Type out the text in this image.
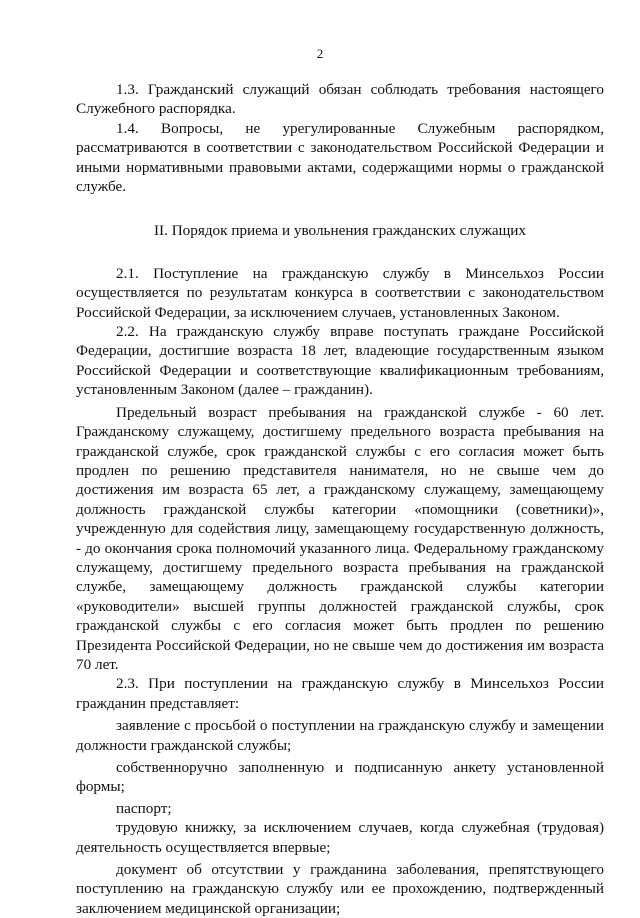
2

1.3. Гражданский служащий обязан соблюдать требования настоящего Служебного распорядка.

1.4. Вопросы, не урегулированные Служебным распорядком, рассматриваются в соответствии с законодательством Российской Федерации и иными нормативными правовыми актами, содержащими нормы о гражданской службе.

II. Порядок приема и увольнения гражданских служащих

2.1. Поступление на гражданскую службу в Минсельхоз России осуществляется по результатам конкурса в соответствии с законодательством Российской Федерации, за исключением случаев, установленных Законом.

2.2. На гражданскую службу вправе поступать граждане Российской Федерации, достигшие возраста 18 лет, владеющие государственным языком Российской Федерации и соответствующие квалификационным требованиям, установленным Законом (далее – гражданин).

Предельный возраст пребывания на гражданской службе - 60 лет. Гражданскому служащему, достигшему предельного возраста пребывания на гражданской службе, срок гражданской службы с его согласия может быть продлен по решению представителя нанимателя, но не свыше чем до достижения им возраста 65 лет, а гражданскому служащему, замещающему должность гражданской службы категории «помощники (советники)», учрежденную для содействия лицу, замещающему государственную должность, - до окончания срока полномочий указанного лица. Федеральному гражданскому служащему, достигшему предельного возраста пребывания на гражданской службе, замещающему должность гражданской службы категории «руководители» высшей группы должностей гражданской службы, срок гражданской службы с его согласия может быть продлен по решению Президента Российской Федерации, но не свыше чем до достижения им возраста 70 лет.

2.3. При поступлении на гражданскую службу в Минсельхоз России гражданин представляет:

заявление с просьбой о поступлении на гражданскую службу и замещении должности гражданской службы;

собственноручно заполненную и подписанную анкету установленной формы;

паспорт;

трудовую книжку, за исключением случаев, когда служебная (трудовая) деятельность осуществляется впервые;

документ об отсутствии у гражданина заболевания, препятствующего поступлению на гражданскую службу или ее прохождению, подтвержденный заключением медицинской организации;
